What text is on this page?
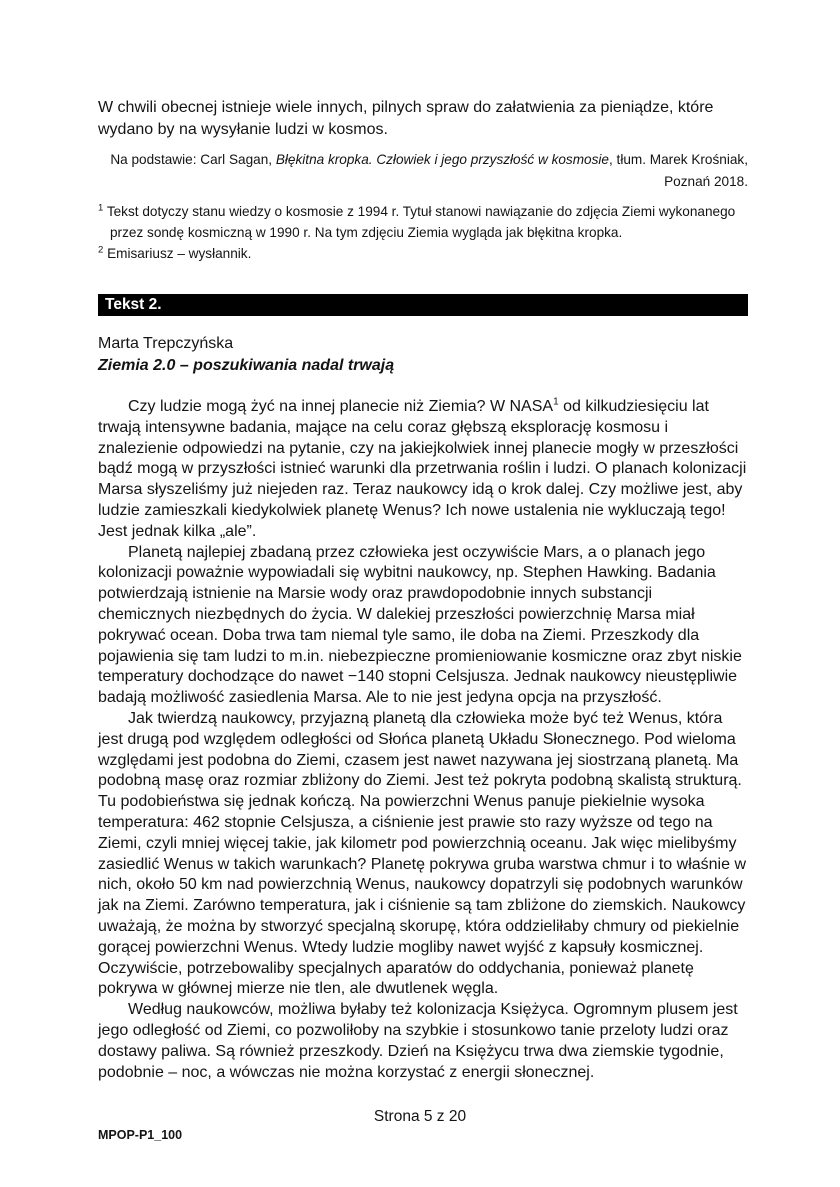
W chwili obecnej istnieje wiele innych, pilnych spraw do załatwienia za pieniądze, które wydano by na wysyłanie ludzi w kosmos.
Na podstawie: Carl Sagan, Błękitna kropka. Człowiek i jego przyszłość w kosmosie, tłum. Marek Krośniak,
Poznań 2018.
$^1$ Tekst dotyczy stanu wiedzy o kosmosie z 1994 r. Tytuł stanowi nawiązanie do zdjęcia Ziemi wykonanego przez sondę kosmiczną w 1990 r. Na tym zdjęciu Ziemia wygląda jak błękitna kropka.
$^2$ Emisariusz – wysłannik.
Tekst 2.
Marta Trepczyńska
Ziemia 2.0 – poszukiwania nadal trwają

Czy ludzie mogą żyć na innej planecie niż Ziemia? W NASA$^1$ od kilkudziesięciu lat trwają intensywne badania, mające na celu coraz głębszą eksplorację kosmosu i znalezienie odpowiedzi na pytanie, czy na jakiejkolwiek innej planecie mogły w przeszłości bądź mogą w przyszłości istnieć warunki dla przetrwania roślin i ludzi. O planach kolonizacji Marsa słyszeliśmy już niejeden raz. Teraz naukowcy idą o krok dalej. Czy możliwe jest, aby ludzie zamieszkali kiedykolwiek planetę Wenus? Ich nowe ustalenia nie wykluczają tego! Jest jednak kilka „ale”.

Planetą najlepiej zbadaną przez człowieka jest oczywiście Mars, a o planach jego kolonizacji poważnie wypowiadali się wybitni naukowcy, np. Stephen Hawking. Badania potwierdzają istnienie na Marsie wody oraz prawdopodobnie innych substancji chemicznych niezbędnych do życia. W dalekiej przeszłości powierzchnię Marsa miał pokrywać ocean. Doba trwa tam niemal tyle samo, ile doba na Ziemi. Przeszkody dla pojawienia się tam ludzi to m.in. niebezpieczne promieniowanie kosmiczne oraz zbyt niskie temperatury dochodzące do nawet −140 stopni Celsjusza. Jednak naukowcy nieustępliwie badają możliwość zasiedlenia Marsa. Ale to nie jest jedyna opcja na przyszłość.

Jak twierdzą naukowcy, przyjazną planetą dla człowieka może być też Wenus, która jest drugą pod względem odległości od Słońca planetą Układu Słonecznego. Pod wieloma względami jest podobna do Ziemi, czasem jest nawet nazywana jej siostrzaną planetą. Ma podobną masę oraz rozmiar zbliżony do Ziemi. Jest też pokryta podobną skalistą strukturą. Tu podobieństwa się jednak kończą. Na powierzchni Wenus panuje piekielnie wysoka temperatura: 462 stopnie Celsjusza, a ciśnienie jest prawie sto razy wyższe od tego na Ziemi, czyli mniej więcej takie, jak kilometr pod powierzchnią oceanu. Jak więc mielibyśmy zasiedlić Wenus w takich warunkach? Planetę pokrywa gruba warstwa chmur i to właśnie w nich, około 50 km nad powierzchnią Wenus, naukowcy dopatrzyli się podobnych warunków jak na Ziemi. Zarówno temperatura, jak i ciśnienie są tam zbliżone do ziemskich. Naukowcy uważają, że można by stworzyć specjalną skorupę, która oddzieliłaby chmury od piekielnie gorącej powierzchni Wenus. Wtedy ludzie mogliby nawet wyjść z kapsuły kosmicznej. Oczywiście, potrzebowaliby specjalnych aparatów do oddychania, ponieważ planetę pokrywa w głównej mierze nie tlen, ale dwutlenek węgla.

Według naukowców, możliwa byłaby też kolonizacja Księżyca. Ogromnym plusem jest jego odległość od Ziemi, co pozwoliłoby na szybkie i stosunkowo tanie przeloty ludzi oraz dostawy paliwa. Są również przeszkody. Dzień na Księżycu trwa dwa ziemskie tygodnie, podobnie – noc, a wówczas nie można korzystać z energii słonecznej.

Strona 5 z 20
MPOP-P1_100
